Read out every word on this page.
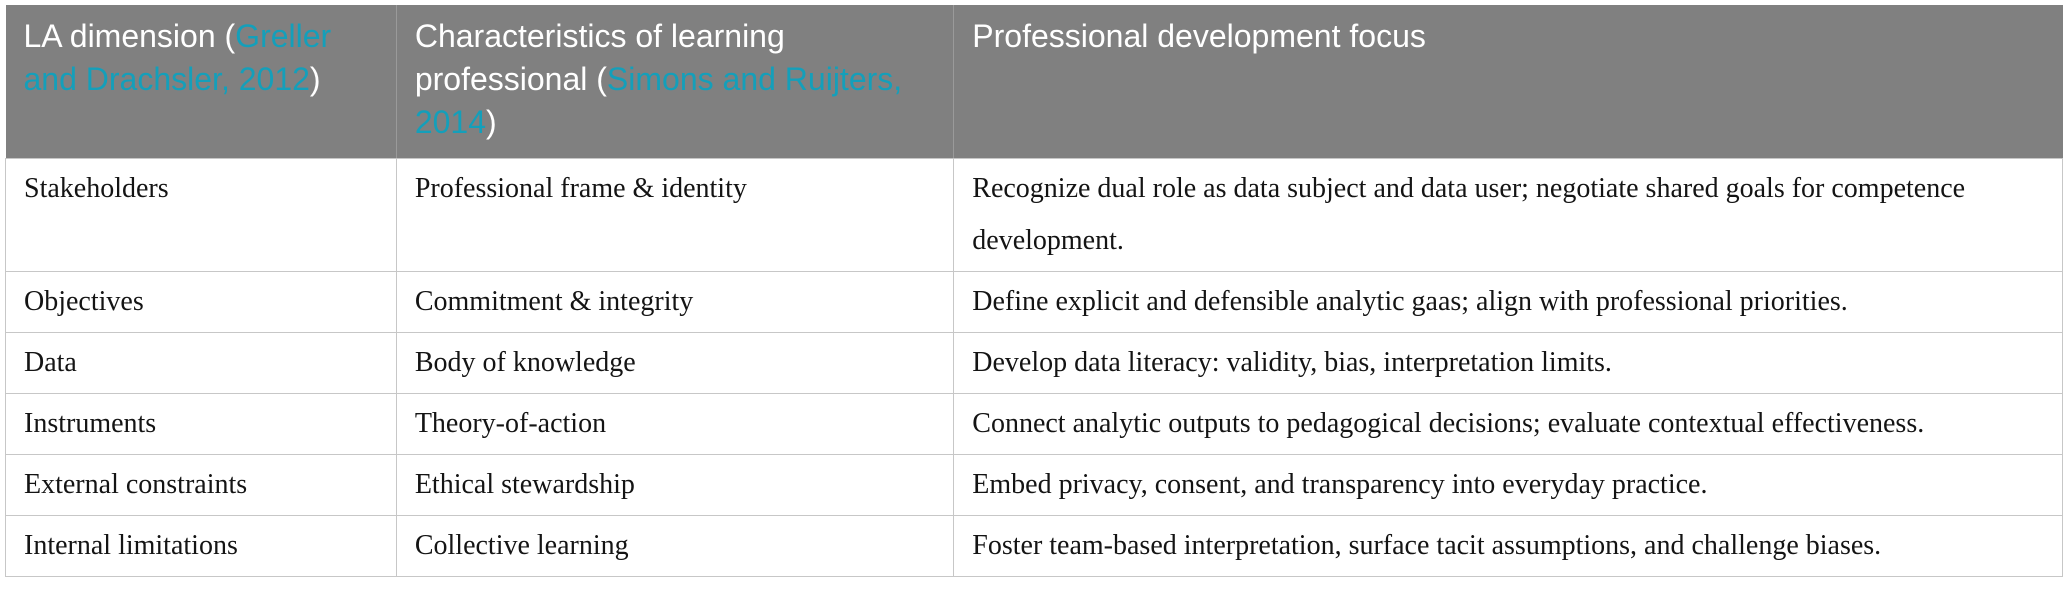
LA dimension (Greller and Drachsler, 2012)	Characteristics of learning professional (Simons and Ruijters, 2014)	Professional development focus
Stakeholders	Professional frame & identity	Recognize dual role as data subject and data user; negotiate shared goals for competence development.
Objectives	Commitment & integrity	Define explicit and defensible analytic gaas; align with professional priorities.
Data	Body of knowledge	Develop data literacy: validity, bias, interpretation limits.
Instruments	Theory-of-action	Connect analytic outputs to pedagogical decisions; evaluate contextual effectiveness.
External constraints	Ethical stewardship	Embed privacy, consent, and transparency into everyday practice.
Internal limitations	Collective learning	Foster team-based interpretation, surface tacit assumptions, and challenge biases.
